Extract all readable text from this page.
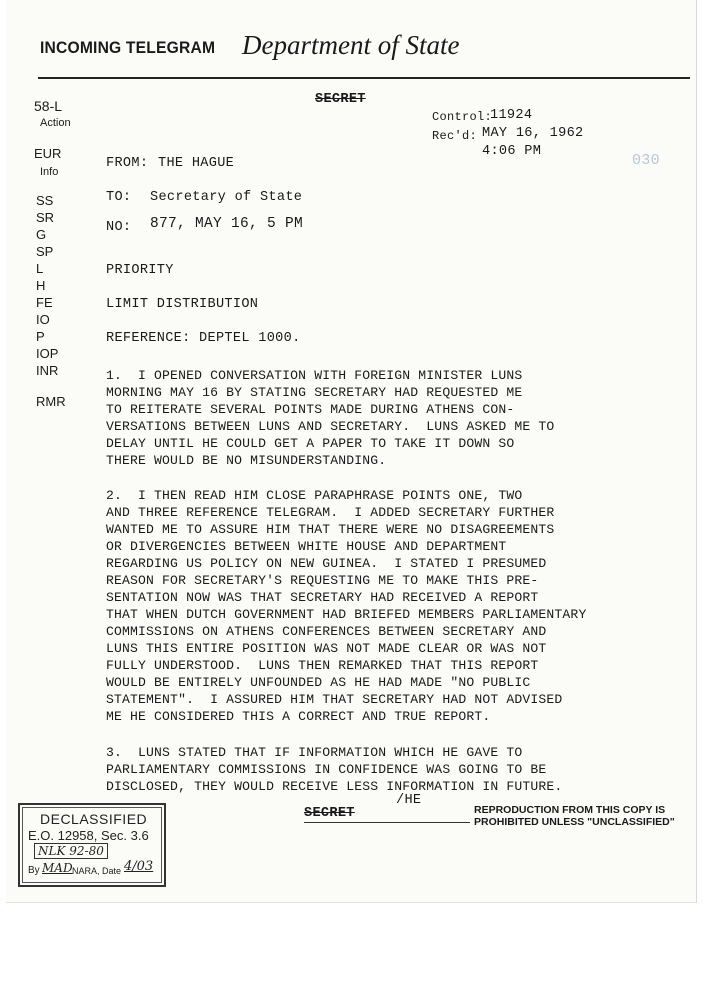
INCOMING TELEGRAM Department of State
SECRET
Control:
11924
Rec'd: MAY 16, 1962
4:06 PM
030
58-L
Action
EUR
Info
SS
SR
G
SP
L
H
FE
IO
P
IOP
INR
RMR
FROM: THE HAGUE
TO: Secretary of State
NO: 877, MAY 16, 5 PM
PRIORITY
LIMIT DISTRIBUTION
REFERENCE: DEPTEL 1000.
1.  I OPENED CONVERSATION WITH FOREIGN MINISTER LUNS
MORNING MAY 16 BY STATING SECRETARY HAD REQUESTED ME
TO REITERATE SEVERAL POINTS MADE DURING ATHENS CON-
VERSATIONS BETWEEN LUNS AND SECRETARY.  LUNS ASKED ME TO
DELAY UNTIL HE COULD GET A PAPER TO TAKE IT DOWN SO
THERE WOULD BE NO MISUNDERSTANDING.
2.  I THEN READ HIM CLOSE PARAPHRASE POINTS ONE, TWO
AND THREE REFERENCE TELEGRAM.  I ADDED SECRETARY FURTHER
WANTED ME TO ASSURE HIM THAT THERE WERE NO DISAGREEMENTS
OR DIVERGENCIES BETWEEN WHITE HOUSE AND DEPARTMENT
REGARDING US POLICY ON NEW GUINEA.  I STATED I PRESUMED
REASON FOR SECRETARY'S REQUESTING ME TO MAKE THIS PRE-
SENTATION NOW WAS THAT SECRETARY HAD RECEIVED A REPORT
THAT WHEN DUTCH GOVERNMENT HAD BRIEFED MEMBERS PARLIAMENTARY
COMMISSIONS ON ATHENS CONFERENCES BETWEEN SECRETARY AND
LUNS THIS ENTIRE POSITION WAS NOT MADE CLEAR OR WAS NOT
FULLY UNDERSTOOD.  LUNS THEN REMARKED THAT THIS REPORT
WOULD BE ENTIRELY UNFOUNDED AS HE HAD MADE "NO PUBLIC
STATEMENT".  I ASSURED HIM THAT SECRETARY HAD NOT ADVISED
ME HE CONSIDERED THIS A CORRECT AND TRUE REPORT.
3.  LUNS STATED THAT IF INFORMATION WHICH HE GAVE TO
PARLIAMENTARY COMMISSIONS IN CONFIDENCE WAS GOING TO BE
DISCLOSED, THEY WOULD RECEIVE LESS INFORMATION IN FUTURE.
/HE
SECRET	REPRODUCTION FROM THIS COPY IS
PROHIBITED UNLESS "UNCLASSIFIED"
DECLASSIFIED
E.O. 12958, Sec. 3.6
NLK 92-80
By MAD NARA, Date 4/03
